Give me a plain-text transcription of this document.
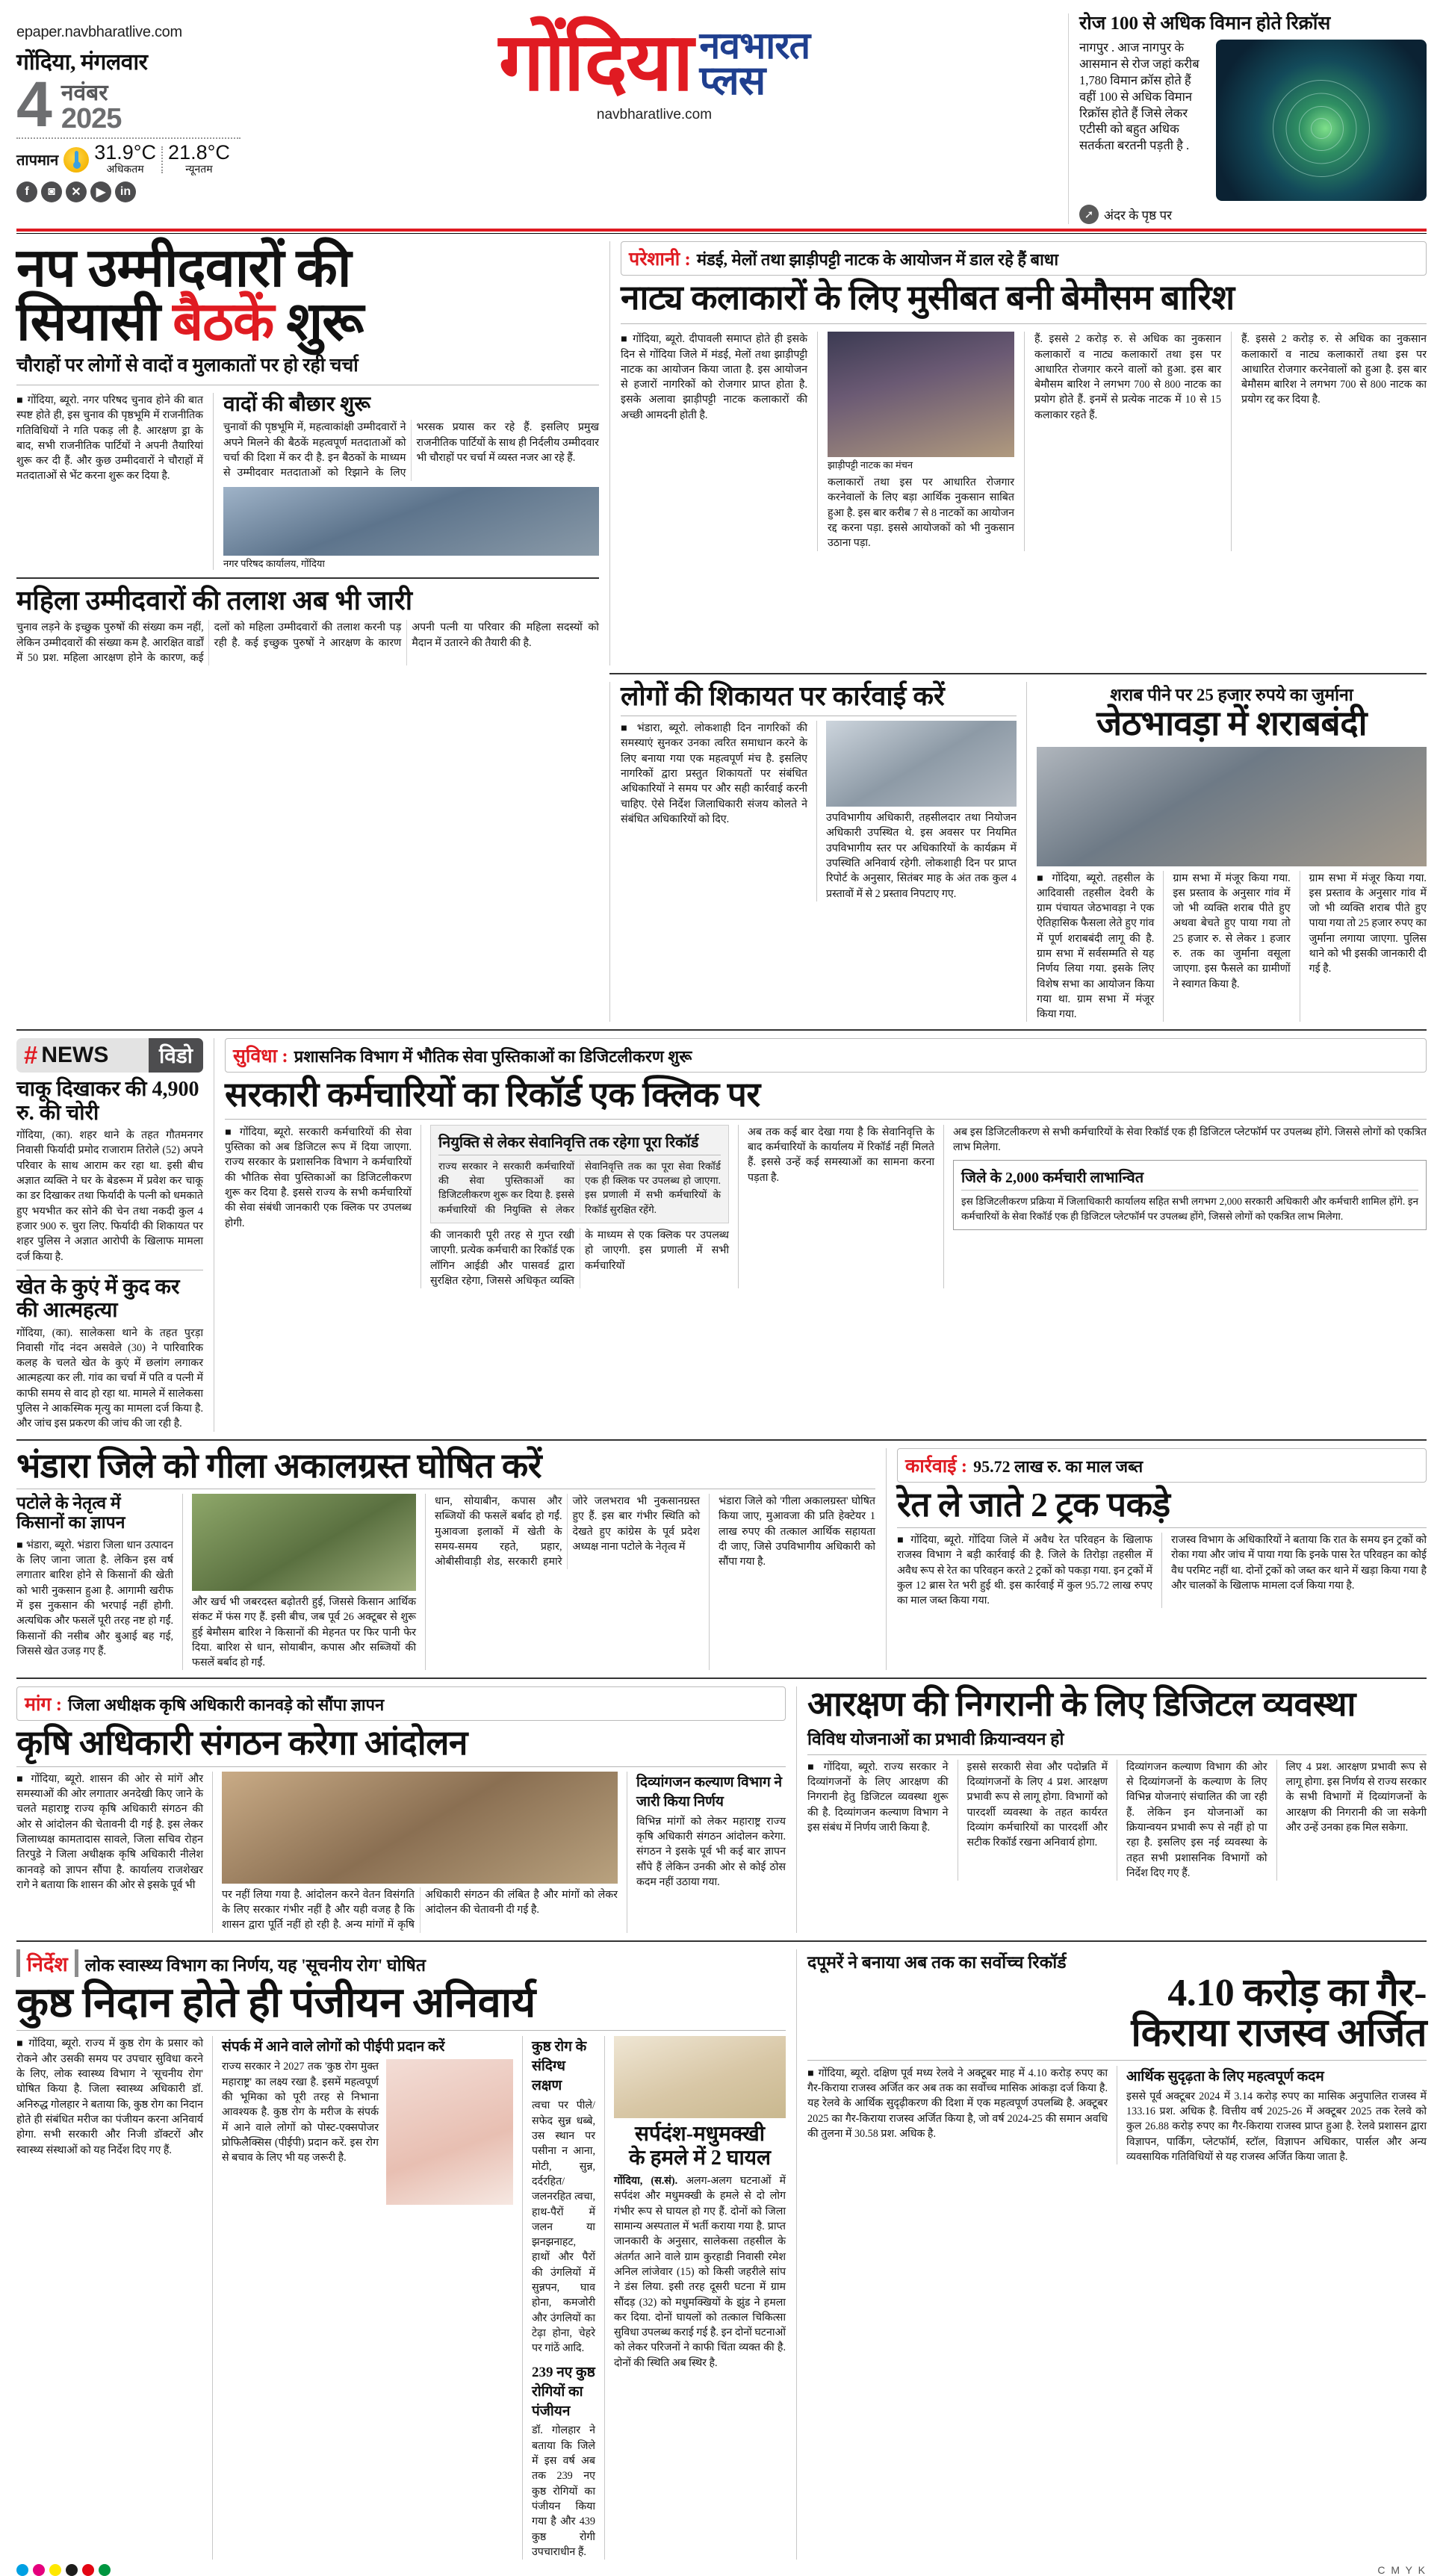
epaper.navbharatlive.com
गोंदिया, मंगलवार
4 नवंबर
2025
तापमान 31.9°C
अधिकतम
21.8°C
न्यूनतम
f	◙	✕	▶	in
गोंदिया नवभारत
प्लस
navbharatlive.com
रोज 100 से अधिक विमान होते रिक्रॉस
नागपुर . आज नागपुर के आसमान से रोज जहां करीब 1,780 विमान क्रॉस होते हैं वहीं 100 से अधिक विमान रिक्रॉस होते हैं जिसे लेकर एटीसी को बहुत अधिक सतर्कता बरतनी पड़ती है .
➚ अंदर के पृष्ठ पर
नप उम्मीदवारों की
सियासी बैठकें शुरू
चौराहों पर लोगों से वादों व मुलाकातों पर हो रही चर्चा
■ गोंदिया, ब्यूरो. नगर परिषद चुनाव होने की बात स्पष्ट होते ही, इस चुनाव की पृष्ठभूमि में राजनीतिक गतिविधियों ने गति पकड़ ली है. आरक्षण ड्रा के बाद, सभी राजनीतिक पार्टियों ने अपनी तैयारियां शुरू कर दी हैं. और कुछ उम्मीदवारों ने चौराहों में मतदाताओं से भेंट करना शुरू कर दिया है.
वादों की बौछार शुरू
चुनावों की पृष्ठभूमि में, महत्वाकांक्षी उम्मीदवारों ने अपने मिलने की बैठकें महत्वपूर्ण मतदाताओं को चर्चा की दिशा में कर दी है. इन बैठकों के माध्यम से उम्मीदवार मतदाताओं को रिझाने के लिए भरसक प्रयास कर रहे हैं. इसलिए प्रमुख राजनीतिक पार्टियों के साथ ही निर्दलीय उम्मीदवार भी चौराहों पर चर्चा में व्यस्त नजर आ रहे हैं.
नगर परिषद कार्यालय, गोंदिया
महिला उम्मीदवारों की तलाश अब भी जारी
चुनाव लड़ने के इच्छुक पुरुषों की संख्या कम नहीं, लेकिन उम्मीदवारों की संख्या कम है. आरक्षित वार्डों में 50 प्रश. महिला आरक्षण होने के कारण, कई दलों को महिला उम्मीदवारों की तलाश करनी पड़ रही है. कई इच्छुक पुरुषों ने आरक्षण के कारण अपनी पत्नी या परिवार की महिला सदस्यों को मैदान में उतारने की तैयारी की है.
परेशानी : मंडई, मेलों तथा झाड़ीपट्टी नाटक के आयोजन में डाल रहे हैं बाधा
नाट्य कलाकारों के लिए मुसीबत बनी बेमौसम बारिश
■ गोंदिया, ब्यूरो. दीपावली समाप्त होते ही इसके दिन से गोंदिया जिले में मंडई, मेलों तथा झाड़ीपट्टी नाटक का आयोजन किया जाता है. इस आयोजन से हजारों नागरिकों को रोजगार प्राप्त होता है. इसके अलावा झाड़ीपट्टी नाटक कलाकारों की अच्छी आमदनी होती है.
झाड़ीपट्टी नाटक का मंचन
कलाकारों तथा इस पर आधारित रोजगार करनेवालों के लिए बड़ा आर्थिक नुकसान साबित हुआ है. इस बार करीब 7 से 8 नाटकों का आयोजन रद्द करना पड़ा. इससे आयोजकों को भी नुकसान उठाना पड़ा.
हैं. इससे 2 करोड़ रु. से अधिक का नुकसान कलाकारों व नाट्य कलाकारों तथा इस पर आधारित रोजगार करने वालों को हुआ. इस बार बेमौसम बारिश ने लगभग 700 से 800 नाटक का प्रयोग होते हैं. इनमें से प्रत्येक नाटक में 10 से 15 कलाकार रहते हैं.
हैं. इससे 2 करोड़ रु. से अधिक का नुकसान कलाकारों व नाट्य कलाकारों तथा इस पर आधारित रोजगार करनेवालों को हुआ है. इस बार बेमौसम बारिश ने लगभग 700 से 800 नाटक का प्रयोग रद्द कर दिया है.
लोगों की शिकायत पर कार्रवाई करें
■ भंडारा, ब्यूरो. लोकशाही दिन नागरिकों की समस्याएं सुनकर उनका त्वरित समाधान करने के लिए बनाया गया एक महत्वपूर्ण मंच है. इसलिए नागरिकों द्वारा प्रस्तुत शिकायतों पर संबंधित अधिकारियों ने समय पर और सही कार्रवाई करनी चाहिए. ऐसे निर्देश जिलाधिकारी संजय कोलते ने संबंधित अधिकारियों को दिए.	उपविभागीय अधिकारी, तहसीलदार तथा नियोजन अधिकारी उपस्थित थे. इस अवसर पर नियमित उपविभागीय स्तर पर अधिकारियों के कार्यक्रम में उपस्थिति अनिवार्य रहेगी. लोकशाही दिन पर प्राप्त रिपोर्ट के अनुसार, सितंबर माह के अंत तक कुल 4 प्रस्तावों में से 2 प्रस्ताव निपटाए गए.
शराब पीने पर 25 हजार रुपये का जुर्माना
जेठभावड़ा में शराबबंदी
■ गोंदिया, ब्यूरो. तहसील के आदिवासी तहसील देवरी के ग्राम पंचायत जेठभावड़ा ने एक ऐतिहासिक फैसला लेते हुए गांव में पूर्ण शराबबंदी लागू की है. ग्राम सभा में सर्वसम्मति से यह निर्णय लिया गया. इसके लिए विशेष सभा का आयोजन किया गया था. ग्राम सभा में मंजूर किया गया.
ग्राम सभा में मंजूर किया गया. इस प्रस्ताव के अनुसार गांव में जो भी व्यक्ति शराब पीते हुए अथवा बेचते हुए पाया गया तो 25 हजार रु. से लेकर 1 हजार रु. तक का जुर्माना वसूला जाएगा. इस फैसले का ग्रामीणों ने स्वागत किया है.
ग्राम सभा में मंजूर किया गया. इस प्रस्ताव के अनुसार गांव में जो भी व्यक्ति शराब पीते हुए पाया गया तो 25 हजार रुपए का जुर्माना लगाया जाएगा. पुलिस थाने को भी इसकी जानकारी दी गई है.
# NEWS	विडो
चाकू दिखाकर की 4,900 रु. की चोरी
गोंदिया, (का). शहर थाने के तहत गौतमनगर निवासी फिर्यादी प्रमोद राजाराम तिरोले (52) अपने परिवार के साथ आराम कर रहा था. इसी बीच अज्ञात व्यक्ति ने घर के बेडरूम में प्रवेश कर चाकू का डर दिखाकर तथा फिर्यादी के पत्नी को धमकाते हुए भयभीत कर सोने की चेन तथा नकदी कुल 4 हजार 900 रु. चुरा लिए. फिर्यादी की शिकायत पर शहर पुलिस ने अज्ञात आरोपी के खिलाफ मामला दर्ज किया है.
खेत के कुएं में कुद कर की आत्महत्या
गोंदिया, (का). सालेकसा थाने के तहत पुरड़ा निवासी गोंद नंदन असवेले (30) ने पारिवारिक कलह के चलते खेत के कुएं में छलांग लगाकर आत्महत्या कर ली. गांव का चर्चा में पति व पत्नी में काफी समय से वाद हो रहा था. मामले में सालेकसा पुलिस ने आकस्मिक मृत्यु का मामला दर्ज किया है. और जांच इस प्रकरण की जांच की जा रही है.
सुविधा : प्रशासनिक विभाग में भौतिक सेवा पुस्तिकाओं का डिजिटलीकरण शुरू
सरकारी कर्मचारियों का रिकॉर्ड एक क्लिक पर
■ गोंदिया, ब्यूरो. सरकारी कर्मचारियों की सेवा पुस्तिका को अब डिजिटल रूप में दिया जाएगा. राज्य सरकार के प्रशासनिक विभाग ने कर्मचारियों की भौतिक सेवा पुस्तिकाओं का डिजिटलीकरण शुरू कर दिया है. इससे राज्य के सभी कर्मचारियों की सेवा संबंधी जानकारी एक क्लिक पर उपलब्ध होगी.
नियुक्ति से लेकर सेवानिवृत्ति तक रहेगा पूरा रिकॉर्ड
राज्य सरकार ने सरकारी कर्मचारियों की सेवा पुस्तिकाओं का डिजिटलीकरण शुरू कर दिया है. इससे कर्मचारियों की नियुक्ति से लेकर सेवानिवृत्ति तक का पूरा सेवा रिकॉर्ड एक ही क्लिक पर उपलब्ध हो जाएगा. इस प्रणाली में सभी कर्मचारियों के रिकॉर्ड सुरक्षित रहेंगे.
की जानकारी पूरी तरह से गुप्त रखी जाएगी. प्रत्येक कर्मचारी का रिकॉर्ड एक लॉगिन आईडी और पासवर्ड द्वारा सुरक्षित रहेगा, जिससे अधिकृत व्यक्ति के माध्यम से एक क्लिक पर उपलब्ध हो जाएगी. इस प्रणाली में सभी कर्मचारियों
अब तक कई बार देखा गया है कि सेवानिवृत्ति के बाद कर्मचारियों के कार्यालय में रिकॉर्ड नहीं मिलते हैं. इससे उन्हें कई समस्याओं का सामना करना पड़ता है.
अब इस डिजिटलीकरण से सभी कर्मचारियों के सेवा रिकॉर्ड एक ही डिजिटल प्लेटफॉर्म पर उपलब्ध होंगे. जिससे लोगों को एकत्रित लाभ मिलेगा.
जिले के 2,000 कर्मचारी लाभान्वित
इस डिजिटलीकरण प्रक्रिया में जिलाधिकारी कार्यालय सहित सभी लगभग 2,000 सरकारी अधिकारी और कर्मचारी शामिल होंगे. इन कर्मचारियों के सेवा रिकॉर्ड एक ही डिजिटल प्लेटफॉर्म पर उपलब्ध होंगे, जिससे लोगों को एकत्रित लाभ मिलेगा.
भंडारा जिले को गीला अकालग्रस्त घोषित करें
पटोले के नेतृत्व में
किसानों का ज्ञापन
■ भंडारा, ब्यूरो. भंडारा जिला धान उत्पादन के लिए जाना जाता है. लेकिन इस वर्ष लगातार बारिश होने से किसानों की खेती को भारी नुकसान हुआ है. आगामी खरीफ में इस नुकसान की भरपाई नहीं होगी. अत्यधिक और फसलें पूरी तरह नष्ट हो गईं. किसानों की नसीब और बुआई बह गई, जिससे खेत उजड़ गए हैं.
और खर्च भी जबरदस्त बढ़ोतरी हुई, जिससे किसान आर्थिक संकट में फंस गए हैं. इसी बीच, जब पूर्व 26 अक्टूबर से शुरू हुई बेमौसम बारिश ने किसानों की मेहनत पर फिर पानी फेर दिया. बारिश से धान, सोयाबीन, कपास और सब्जियों की फसलें बर्बाद हो गईं.
धान, सोयाबीन, कपास और सब्जियों की फसलें बर्बाद हो गईं. मुआवजा इलाकों में खेती के समय-समय रहते, प्रहार, ओबीसीवाड़ी शेड, सरकारी हमारे जोरे जलभराव भी नुकसानग्रस्त हुए हैं. इस बार गंभीर स्थिति को देखते हुए कांग्रेस के पूर्व प्रदेश अध्यक्ष नाना पटोले के नेतृत्व में
भंडारा जिले को 'गीला अकालग्रस्त' घोषित किया जाए, मुआवजा की प्रति हेक्टेयर 1 लाख रुपए की तत्काल आर्थिक सहायता दी जाए, जिसे उपविभागीय अधिकारी को सौंपा गया है.
कार्रवाई : 95.72 लाख रु. का माल जब्त
रेत ले जाते 2 ट्रक पकड़े
■ गोंदिया, ब्यूरो. गोंदिया जिले में अवैध रेत परिवहन के खिलाफ राजस्व विभाग ने बड़ी कार्रवाई की है. जिले के तिरोड़ा तहसील में अवैध रूप से रेत का परिवहन करते 2 ट्रकों को पकड़ा गया. इन ट्रकों में कुल 12 ब्रास रेत भरी हुई थी. इस कार्रवाई में कुल 95.72 लाख रुपए का माल जब्त किया गया.
राजस्व विभाग के अधिकारियों ने बताया कि रात के समय इन ट्रकों को रोका गया और जांच में पाया गया कि इनके पास रेत परिवहन का कोई वैध परमिट नहीं था. दोनों ट्रकों को जब्त कर थाने में खड़ा किया गया है और चालकों के खिलाफ मामला दर्ज किया गया है.
मांग : जिला अधीक्षक कृषि अधिकारी कानवड़े को सौंपा ज्ञापन
कृषि अधिकारी संगठन करेगा आंदोलन
■ गोंदिया, ब्यूरो. शासन की ओर से मांगें और समस्याओं की ओर लगातार अनदेखी किए जाने के चलते महाराष्ट्र राज्य कृषि अधिकारी संगठन की ओर से आंदोलन की चेतावनी दी गई है. इस लेकर जिलाध्यक्ष कामतादास सावले, जिला सचिव रोहन तिरपुडे ने जिला अधीक्षक कृषि अधिकारी नीलेश कानवड़े को ज्ञापन सौंपा है. कार्यालय राजशेखर रागे ने बताया कि शासन की ओर से इसके पूर्व भी
पर नहीं लिया गया है. आंदोलन करने वेतन विसंगति के लिए सरकार गंभीर नहीं है और यही वजह है कि शासन द्वारा पूर्ति नहीं हो रही है. अन्य मांगों में कृषि अधिकारी संगठन की लंबित है और मांगों को लेकर आंदोलन की चेतावनी दी गई है.
दिव्यांगजन कल्याण विभाग ने जारी किया निर्णय
विभिन्न मांगों को लेकर महाराष्ट्र राज्य कृषि अधिकारी संगठन आंदोलन करेगा. संगठन ने इसके पूर्व भी कई बार ज्ञापन सौंपे हैं लेकिन उनकी ओर से कोई ठोस कदम नहीं उठाया गया.
आरक्षण की निगरानी के लिए डिजिटल व्यवस्था
विविध योजनाओं का प्रभावी क्रियान्वयन हो
■ गोंदिया, ब्यूरो. राज्य सरकार ने दिव्यांगजनों के लिए आरक्षण की निगरानी हेतु डिजिटल व्यवस्था शुरू की है. दिव्यांगजन कल्याण विभाग ने इस संबंध में निर्णय जारी किया है.
इससे सरकारी सेवा और पदोन्नति में दिव्यांगजनों के लिए 4 प्रश. आरक्षण प्रभावी रूप से लागू होगा. विभागों को पारदर्शी व्यवस्था के तहत कार्यरत दिव्यांग कर्मचारियों का पारदर्शी और सटीक रिकॉर्ड रखना अनिवार्य होगा.
दिव्यांगजन कल्याण विभाग की ओर से दिव्यांगजनों के कल्याण के लिए विभिन्न योजनाएं संचालित की जा रही हैं. लेकिन इन योजनाओं का क्रियान्वयन प्रभावी रूप से नहीं हो पा रहा है. इसलिए इस नई व्यवस्था के तहत सभी प्रशासनिक विभागों को निर्देश दिए गए हैं.
लिए 4 प्रश. आरक्षण प्रभावी रूप से लागू होगा. इस निर्णय से राज्य सरकार के सभी विभागों में दिव्यांगजनों के आरक्षण की निगरानी की जा सकेगी और उन्हें उनका हक मिल सकेगा.
निर्देश	लोक स्वास्थ्य विभाग का निर्णय, यह 'सूचनीय रोग' घोषित
कुष्ठ निदान होते ही पंजीयन अनिवार्य
■ गोंदिया, ब्यूरो. राज्य में कुष्ठ रोग के प्रसार को रोकने और उसकी समय पर उपचार सुविधा करने के लिए, लोक स्वास्थ्य विभाग ने 'सूचनीय रोग' घोषित किया है. जिला स्वास्थ्य अधिकारी डॉ. अनिरुद्ध गोलहार ने बताया कि, कुष्ठ रोग का निदान होते ही संबंधित मरीज का पंजीयन करना अनिवार्य होगा. सभी सरकारी और निजी डॉक्टरों और स्वास्थ्य संस्थाओं को यह निर्देश दिए गए हैं.
संपर्क में आने वाले लोगों को पीईपी प्रदान करें
राज्य सरकार ने 2027 तक 'कुष्ठ रोग मुक्त महाराष्ट्र' का लक्ष्य रखा है. इसमें महत्वपूर्ण की भूमिका को पूरी तरह से निभाना आवश्यक है. कुष्ठ रोग के मरीज के संपर्क में आने वाले लोगों को पोस्ट-एक्सपोजर प्रोफिलैक्सिस (पीईपी) प्रदान करें. इस रोग से बचाव के लिए भी यह जरूरी है.
कुष्ठ रोग के संदिग्ध लक्षण
त्वचा पर पीले/सफेद सुन्न धब्बे, उस स्थान पर पसीना न आना, मोटी, सुन्न, दर्दरहित/जलनरहित त्वचा, हाथ-पैरों में जलन या झनझनाहट, हाथों और पैरों की उंगलियों में सुन्नपन, घाव होना, कमजोरी और उंगलियों का टेढ़ा होना, चेहरे पर गांठें आदि.
239 नए कुष्ठ रोगियों का पंजीयन
डॉ. गोलहार ने बताया कि जिले में इस वर्ष अब तक 239 नए कुष्ठ रोगियों का पंजीयन किया गया है और 439 कुष्ठ रोगी उपचाराधीन हैं.
सर्पदंश-मधुमक्खी
के हमले में 2 घायल
गोंदिया, (स.सं). अलग-अलग घटनाओं में सर्पदंश और मधुमक्खी के हमले से दो लोग गंभीर रूप से घायल हो गए हैं. दोनों को जिला सामान्य अस्पताल में भर्ती कराया गया है. प्राप्त जानकारी के अनुसार, सालेकसा तहसील के अंतर्गत आने वाले ग्राम कुरहाडी निवासी रमेश अनिल लांजेवार (15) को किसी जहरीले सांप ने डंस लिया. इसी तरह दूसरी घटना में ग्राम सौंदड़ (32) को मधुमक्खियों के झुंड ने हमला कर दिया. दोनों घायलों को तत्काल चिकित्सा सुविधा उपलब्ध कराई गई है. इन दोनों घटनाओं को लेकर परिजनों ने काफी चिंता व्यक्त की है. दोनों की स्थिति अब स्थिर है.
दपूमरें ने बनाया अब तक का सर्वोच्च रिकॉर्ड
4.10 करोड़ का गैर-
किराया राजस्व अर्जित
■ गोंदिया, ब्यूरो. दक्षिण पूर्व मध्य रेलवे ने अक्टूबर माह में 4.10 करोड़ रुपए का गैर-किराया राजस्व अर्जित कर अब तक का सर्वोच्च मासिक आंकड़ा दर्ज किया है. यह रेलवे के आर्थिक सुदृढ़ीकरण की दिशा में एक महत्वपूर्ण उपलब्धि है. अक्टूबर 2025 का गैर-किराया राजस्व अर्जित किया है, जो वर्ष 2024-25 की समान अवधि की तुलना में 30.58 प्रश. अधिक है.
आर्थिक सुदृढ़ता के लिए महत्वपूर्ण कदम
इससे पूर्व अक्टूबर 2024 में 3.14 करोड़ रुपए का मासिक अनुपालित राजस्व में 133.16 प्रश. अधिक है. वित्तीय वर्ष 2025-26 में अक्टूबर 2025 तक रेलवे को कुल 26.88 करोड़ रुपए का गैर-किराया राजस्व प्राप्त हुआ है. रेलवे प्रशासन द्वारा विज्ञापन, पार्किंग, प्लेटफॉर्म, स्टॉल, विज्ञापन अधिकार, पार्सल और अन्य व्यवसायिक गतिविधियों से यह राजस्व अर्जित किया जाता है.
C M Y K
